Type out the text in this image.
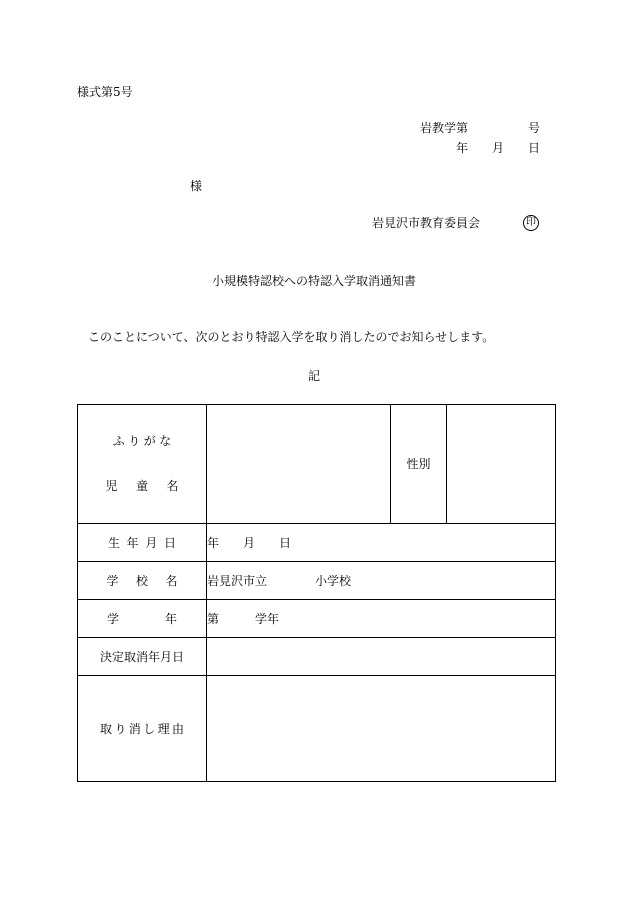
様式第5号
岩教学第　　　　　号
年　　月　　日
様
岩見沢市教育委員会	印
小規模特認校への特認入学取消通知書
このことについて、次のとおり特認入学を取り消したのでお知らせします。
記

ふりがな

児童名		性別	
生年月日	年　　月　　日		
学校名	岩見沢市立　　　　小学校		
学年	第　　　学年		
決定取消年月日			
取り消し理由			
